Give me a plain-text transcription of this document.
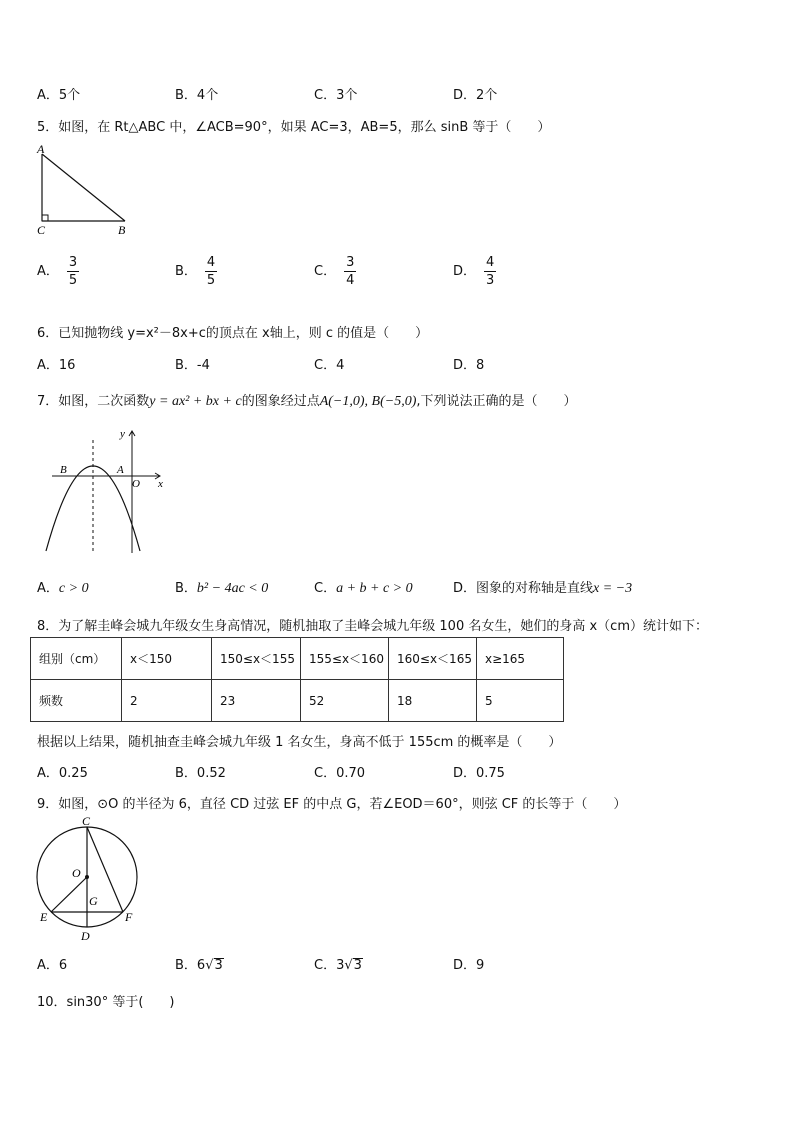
A．5个	B．4个	C．3个	D．2个
5．如图，在 Rt△ABC 中，∠ACB=90°，如果 AC=3，AB=5，那么 sinB 等于（　　）
A
C	B
A． $\frac{3}{5}$	B． $\frac{4}{5}$	C． $\frac{3}{4}$	D． $\frac{4}{3}$
6．已知抛物线 y=x²－8x+c的顶点在 x轴上，则 c 的值是（　　）
A．16	B．-4	C．4	D．8
7．如图，二次函数y = ax² + bx + c的图象经过点A(−1,0), B(−5,0),下列说法正确的是（　　）
y
x
B	A
O
A．c > 0	B．b² − 4ac < 0	C．a + b + c > 0	D．图象的对称轴是直线x = −3
8．为了解圭峰会城九年级女生身高情况，随机抽取了圭峰会城九年级 100 名女生，她们的身高 x（cm）统计如下：
组别（cm）	x＜150	150≤x＜155	155≤x＜160	160≤x＜165	x≥165
频数	2	23	52	18	5
根据以上结果，随机抽查圭峰会城九年级 1 名女生，身高不低于 155cm 的概率是（　　）
A．0.25	B．0.52	C．0.70	D．0.75
9．如图，⊙O 的半径为 6，直径 CD 过弦 EF 的中点 G，若∠EOD＝60°，则弦 CF 的长等于（　　）
C
O
G
E	F
D
A．6	B．6√3	C．3√3	D．9
10．sin30° 等于(　　)
